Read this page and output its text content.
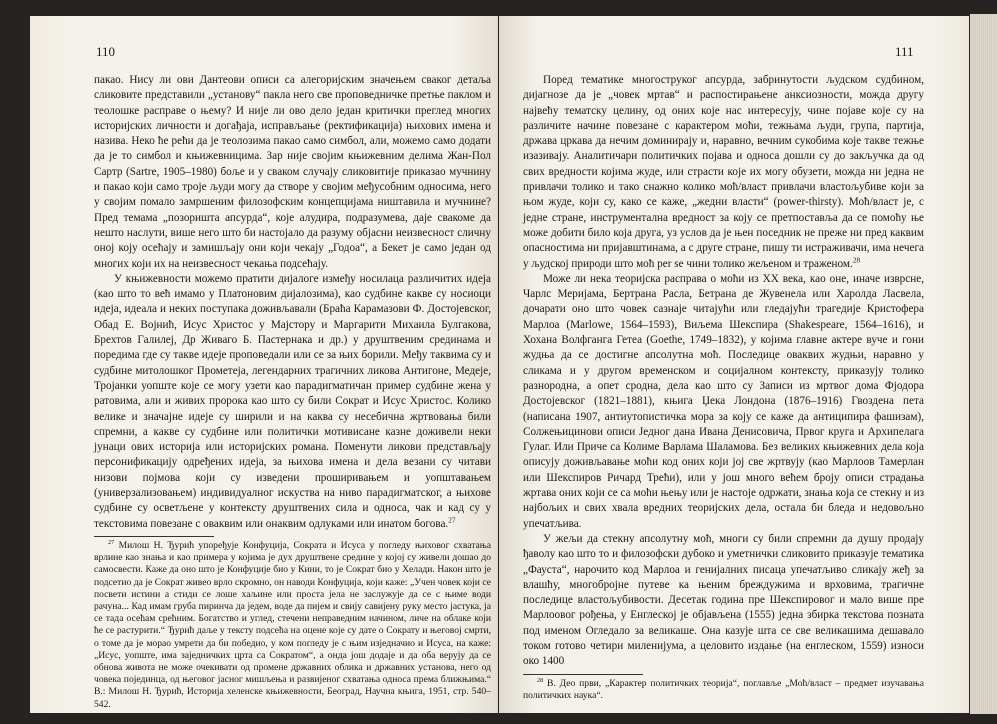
110

пакао. Нису ли ови Дантеови описи са алегоријским значењем сваког детаља сликовите представили „установу“ пакла него све проповедничке претње паклом и теолошке расправе о њему? И није ли ово дело један критички преглед многих историјских личности и догађаја, исправљање (ректификација) њихових имена и назива. Неко ће рећи да је теолозима пакао само симбол, али, можемо само додати да је то симбол и књижевницима. Зар није својим књижевним делима Жан-Пол Сартр (Sartre, 1905–1980) боље и у сваком случају сликовитије приказао мучнину и пакао који само троје људи могу да створе у својим међусобним односима, него у својим помало замршеним филозофским концепцијама ништавила и мучнине? Пред темама „позоришта апсурда“, које алудира, подразумева, даје свакоме да нешто наслути, више него што би настојало да разуму објасни неизвесност сличну оној коју осећају и замишљају они који чекају „Годоа“, а Бекет је само један од многих који их на неизвесност чекања подсећају.

У књижевности можемо пратити дијалоге између носилаца различитих идеја (као што то већ имамо у Платоновим дијалозима), као судбине какве су носиоци идеја, идеала и неких поступака доживљавали (Браћа Карамазови Ф. Достојевског, Обад Е. Војнић, Исус Христос у Мајстору и Маргарити Михаила Булгакова, Брехтов Галилеј, Др Живаго Б. Пастернака и др.) у друштвеним срединама и поредима где су такве идеје проповедали или се за њих борили. Међу таквима су и судбине митолошког Прометеја, легендарних трагичних ликова Антигоне, Медеје, Тројанки уопште које се могу узети као парадигматичан пример судбине жена у ратовима, али и живих пророка као што су били Сократ и Исус Христос. Колико велике и значајне идеје су ширили и на каква су несебична жртвовања били спремни, а какве су судбине или политички мотивисане казне доживели неки јунаци овиx историја или историјских романа. Поменути ликови представљају персонификацију одређених идеја, за њихова имена и дела везани су читави низови појмова који су изведени проширивањем и уопштавањем (универзализовањем) индивидуалног искуства на ниво парадигматског, а њихове судбине су осветљене у контексту друштвених сила и односа, чак и кад су у текстовима повезане с оваквим или онаквим одлуками или инатом богова.$^{27}$

$^{27}$ Милош Н. Ђурић упоређује Конфуција, Сократа и Исуса у погледу њиховог схватања врлине као знања и као примера у којима је дух друштвене средине у којој су живели дошао до самосвести. Каже да оно што је Конфуције био у Кини, то је Сократ био у Хелади. Након што је подсетио да је Сократ живео врло скромно, он наводи Конфуција, који каже: „Учен човек који се посвети истини а стиди се лоше хаљине или проста јела не заслужује да се с њиме води рачуна... Кад имам груба пиринча да једем, воде да пијем и свију савијену руку место јастука, ја се тада осећам срећним. Богатство и углед, стечени неправедним начином, личе на облаке који ће се растурити.“ Ђурић даље у тексту подсећа на оцене које су дате о Сократу и његовој смрти, о томе да је морао умрети да би победио, у ком погледу је с њим изједначио и Исуса, на каже: „Исус, уопште, има заједничких црта са Сократом“, а онда још додаје и да оба верују да се обнова живота не може очекивати од промене државних облика и државних установа, него од човека појединца, од његовог јасног мишљења и развијеног схватања односа према ближњима.“ В.: Милош Н. Ђурић, Историја хеленске књижевности, Београд, Научна књига, 1951, стр. 540–542.

111

Поред тематике многоструког апсурда, забринутости људском судбином, дијагнозе да је „човек мртав“ и распостирањене анксиозности, можда другу највећу тематску целину, од оних које нас интересују, чине појаве које су на различите начине повезане с карактером моћи, тежњама људи, група, партија, држава цркава да нечим доминирају и, наравно, вечним сукобима које такве тежње изазивају. Аналитичари политичких појава и односа дошли су до закључка да од свих вредности којима жуде, или страсти које их могу обузети, можда ни једна не привлачи толико и тако снажно колико моћ/власт привлачи властољубиве који за њом жуде, који су, како се каже, „жедни власти“ (power-thirsty). Моћ/власт је, с једне стране, инструментална вредност за коју се претпоставља да се помоћу ње може добити било која друга, уз услов да је њен поседник не преже ни пред каквим опасностима ни пријавштинама, а с друге стране, пишу ти истраживачи, има нечега у људској природи што моћ per se чини толико жељеном и траженом.$^{28}$

Може ли нека теоријска расправа о моћи из XX века, као оне, иначе изврсне, Чарлс Меријама, Бертрана Расла, Бетрана де Жувенела или Харолда Ласвела, дочарати оно што човек сазнаје читајући или гледајући трагедије Кристофера Марлоа (Marlowe, 1564–1593), Виљема Шекспира (Shakespeare, 1564–1616), и Хохана Волфганга Гетеа (Goethe, 1749–1832), у којима главне актере вуче и гони жудња да се достигне апсолутна моћ. Последице оваквих жудњи, наравно у сликама и у другом временском и социјалном контексту, приказују толико разнородна, а опет сродна, дела као што су Записи из мртвог дома Фјодора Достојевског (1821–1881), књига Џека Лондона (1876–1916) Гвоздена пета (написана 1907, антиутопистичка мора за коју се каже да антиципира фашизам), Солжењицинови описи Једног дана Ивана Денисовича, Првог круга и Архипелага Гулаг. Или Приче са Колиме Варлама Шаламова. Без великих књижевних дела која описују доживљавање моћи код оних који јој све жртвују (као Марлоов Тамерлан или Шекспиров Ричард Трећи), или у још много већем броју описи страдања жртава оних који се са моћи њењу или је настоје одржати, знања која се стекну и из најбољих и свих хвала вредних теоријских дела, остала би бледа и недовољно упечатљива.

У жељи да стекну апсолутну моћ, многи су били спремни да душу продају ђаволу као што то и филозофски дубоко и уметнички сликовито приказује тематика „Фауста“, нарочито код Марлоа и генијалних писаца упечатљиво сликају жеђ за влашћу, многобројне путеве ка њеним бреждужима и врховима, трагичне последице властољубивости. Десетак година пре Шекспировог и мало више пре Марлоовог рођења, у Енглеској је објављена (1555) једна збирка текстова позната под именом Огледало за великаше. Она казује шта се све великашима дешавало током готово четири миленијума, а целовито издање (на енглеском, 1559) износи око 1400

$^{28}$ В. Део први, „Карактер политичких теорија“, поглавље „Моћ/власт – предмет изучавања политичких наука“.
